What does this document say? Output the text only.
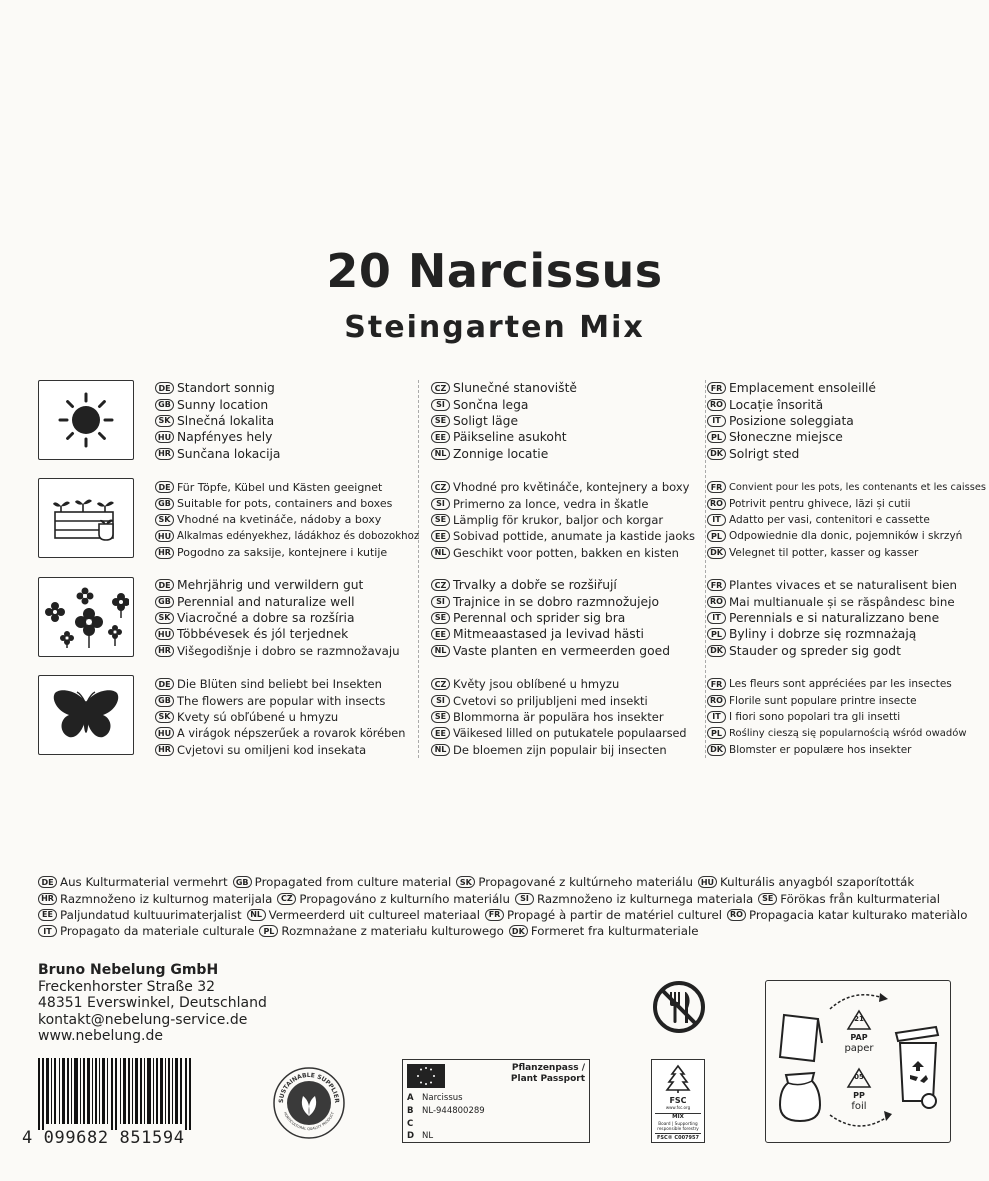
20 Narcissus
Steingarten Mix
DE Standort sonnig
GB Sunny location
SK Slnečná lokalita
HU Napfényes hely
HR Sunčana lokacija
CZ Slunečné stanoviště
SI Sončna lega
SE Soligt läge
EE Päikseline asukoht
NL Zonnige locatie
FR Emplacement ensoleillé
RO Locație însorită
IT Posizione soleggiata
PL Słoneczne miejsce
DK Solrigt sted
DE Für Töpfe, Kübel und Kästen geeignet
GB Suitable for pots, containers and boxes
SK Vhodné na kvetináče, nádoby a boxy
HU Alkalmas edényekhez, ládákhoz és dobozokhoz
HR Pogodno za saksije, kontejnere i kutije
CZ Vhodné pro květináče, kontejnery a boxy
SI Primerno za lonce, vedra in škatle
SE Lämplig för krukor, baljor och korgar
EE Sobivad pottide, anumate ja kastide jaoks
NL Geschikt voor potten, bakken en kisten
FR Convient pour les pots, les contenants et les caisses
RO Potrivit pentru ghivece, lăzi și cutii
IT Adatto per vasi, contenitori e cassette
PL Odpowiednie dla donic, pojemników i skrzyń
DK Velegnet til potter, kasser og kasser
DE Mehrjährig und verwildern gut
GB Perennial and naturalize well
SK Viacročné a dobre sa rozšíria
HU Többévesek és jól terjednek
HR Višegodišnje i dobro se razmnožavaju
CZ Trvalky a dobře se rozšiřují
SI Trajnice in se dobro razmnožujejo
SE Perennal och sprider sig bra
EE Mitmeaastased ja levivad hästi
NL Vaste planten en vermeerden goed
FR Plantes vivaces et se naturalisent bien
RO Mai multianuale și se răspândesc bine
IT Perennials e si naturalizzano bene
PL Byliny i dobrze się rozmnażają
DK Stauder og spreder sig godt
DE Die Blüten sind beliebt bei Insekten
GB The flowers are popular with insects
SK Kvety sú obľúbené u hmyzu
HU A virágok népszerűek a rovarok körében
HR Cvjetovi su omiljeni kod insekata
CZ Květy jsou oblíbené u hmyzu
SI Cvetovi so priljubljeni med insekti
SE Blommorna är populära hos insekter
EE Väikesed lilled on putukatele populaarsed
NL De bloemen zijn populair bij insecten
FR Les fleurs sont appréciées par les insectes
RO Florile sunt populare printre insecte
IT I fiori sono popolari tra gli insetti
PL Rośliny cieszą się popularnością wśród owadów
DK Blomster er populære hos insekter
DE Aus Kulturmaterial vermehrt	GB Propagated from culture material	SK Propagované z kultúrneho materiálu HU Kulturális anyagból szaporították
HR Razmnoženo iz kulturnog materijala	CZ Propagováno z kulturního materiálu	SI Razmnoženo iz kulturnega materiala	SE Förökas från kulturmaterial
EE Paljundatud kultuurimaterjalist	NL Vermeerderd uit cultureel materiaal	FR Propagé à partir de matériel culturel	RO Propagacia katar kulturako materiàlo
IT Propagato da materiale culturale	PL Rozmnażane z materiału kulturowego	DK Formeret fra kulturmateriale
Bruno Nebelung GmbH
Freckenhorster Straße 32
48351 Everswinkel, Deutschland
kontakt@nebelung-service.de
www.nebelung.de
4 099682 851594
SUSTAINABLE SUPPLIER
HORTICULTURAL QUALITY PRODUCT
Pflanzenpass /
Plant Passport
A Narcissus
B	NL-944800289
C
D NL
FSC
www.fsc.org
MIX
Board | Supporting responsible forestry
FSC® C007957
21
PAP
paper
05
PP
foil
